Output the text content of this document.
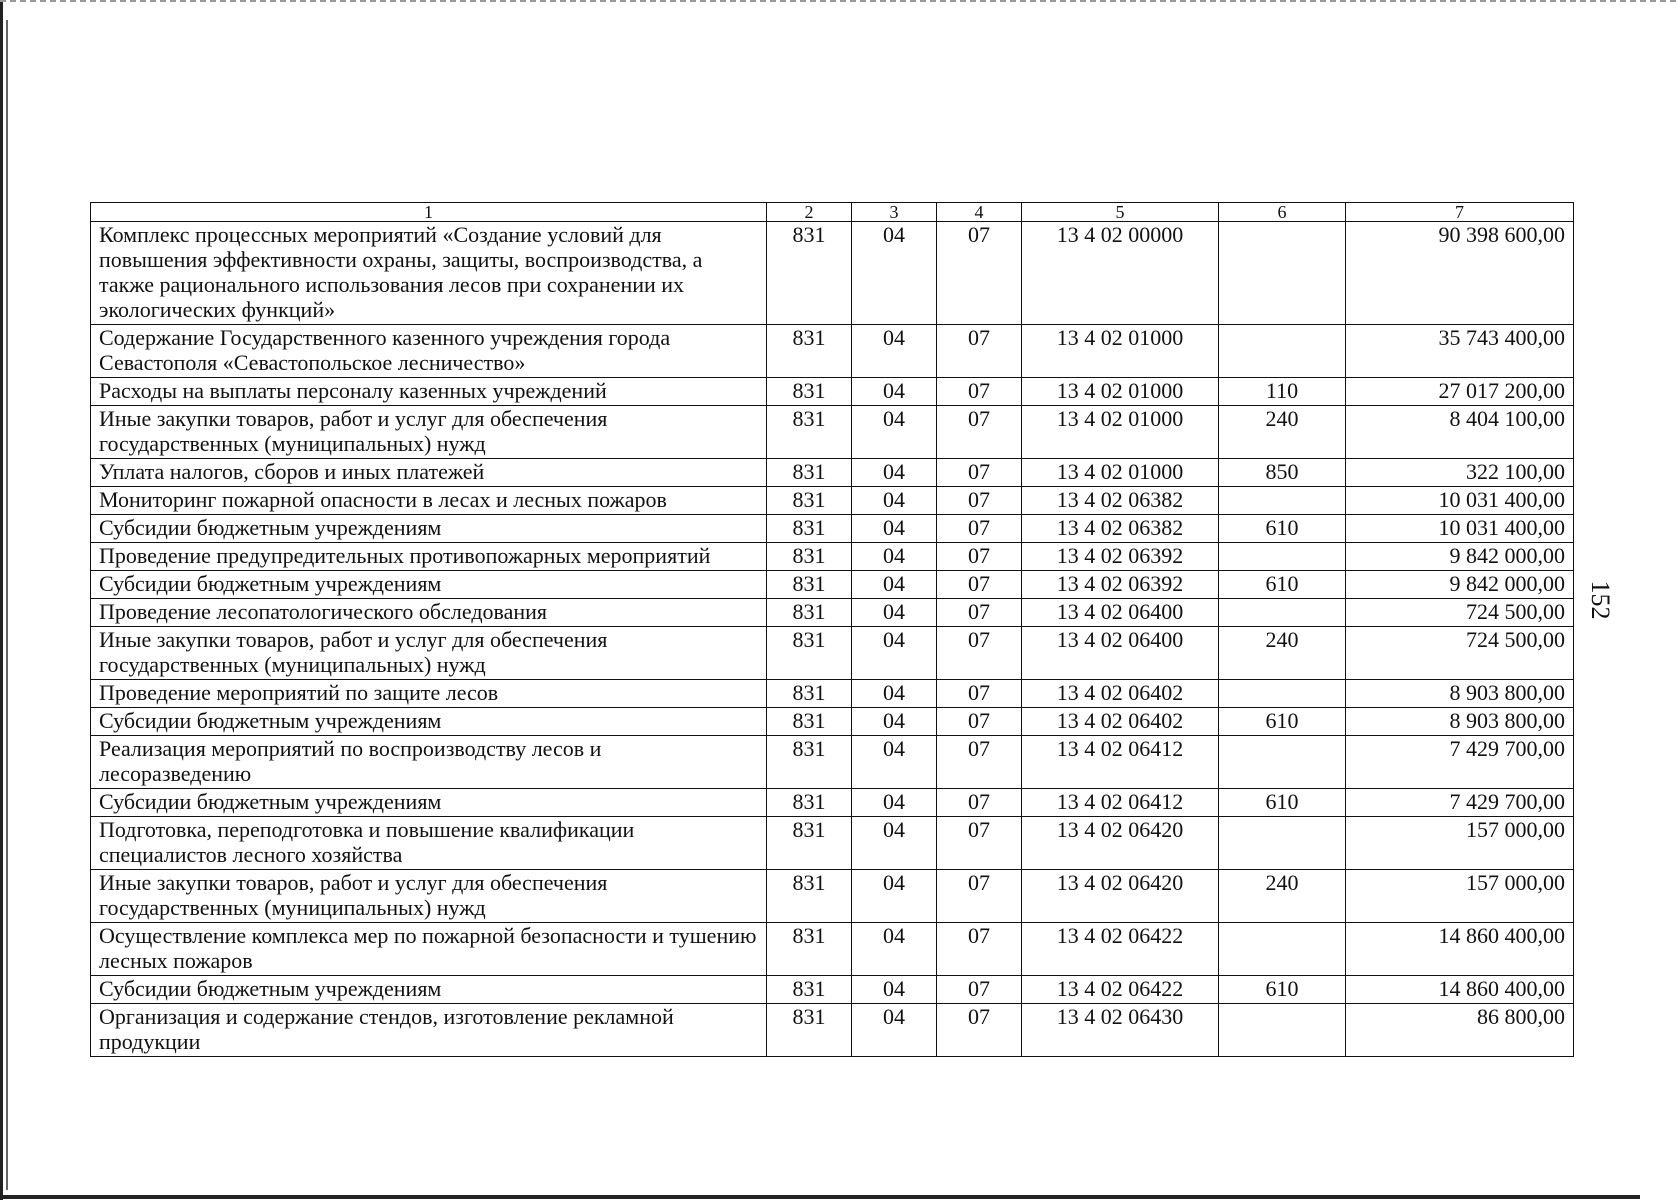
152
1	2	3	4	5	6	7
Комплекс процессных мероприятий «Создание условий для повышения эффективности охраны, защиты, воспроизводства, а также рационального использования лесов при сохранении их экологических функций»	831	04	07	13 4 02 00000		90 398 600,00
Содержание Государственного казенного учреждения города Севастополя «Севастопольское лесничество»	831	04	07	13 4 02 01000		35 743 400,00
Расходы на выплаты персоналу казенных учреждений	831	04	07	13 4 02 01000	110	27 017 200,00
Иные закупки товаров, работ и услуг для обеспечения государственных (муниципальных) нужд	831	04	07	13 4 02 01000	240	8 404 100,00
Уплата налогов, сборов и иных платежей	831	04	07	13 4 02 01000	850	322 100,00
Мониторинг пожарной опасности в лесах и лесных пожаров	831	04	07	13 4 02 06382		10 031 400,00
Субсидии бюджетным учреждениям	831	04	07	13 4 02 06382	610	10 031 400,00
Проведение предупредительных противопожарных мероприятий	831	04	07	13 4 02 06392		9 842 000,00
Субсидии бюджетным учреждениям	831	04	07	13 4 02 06392	610	9 842 000,00
Проведение лесопатологического обследования	831	04	07	13 4 02 06400		724 500,00
Иные закупки товаров, работ и услуг для обеспечения государственных (муниципальных) нужд	831	04	07	13 4 02 06400	240	724 500,00
Проведение мероприятий по защите лесов	831	04	07	13 4 02 06402		8 903 800,00
Субсидии бюджетным учреждениям	831	04	07	13 4 02 06402	610	8 903 800,00
Реализация мероприятий по воспроизводству лесов и лесоразведению	831	04	07	13 4 02 06412		7 429 700,00
Субсидии бюджетным учреждениям	831	04	07	13 4 02 06412	610	7 429 700,00
Подготовка, переподготовка и повышение квалификации специалистов лесного хозяйства	831	04	07	13 4 02 06420		157 000,00
Иные закупки товаров, работ и услуг для обеспечения государственных (муниципальных) нужд	831	04	07	13 4 02 06420	240	157 000,00
Осуществление комплекса мер по пожарной безопасности и тушению лесных пожаров	831	04	07	13 4 02 06422		14 860 400,00
Субсидии бюджетным учреждениям	831	04	07	13 4 02 06422	610	14 860 400,00
Организация и содержание стендов, изготовление рекламной продукции	831	04	07	13 4 02 06430		86 800,00
